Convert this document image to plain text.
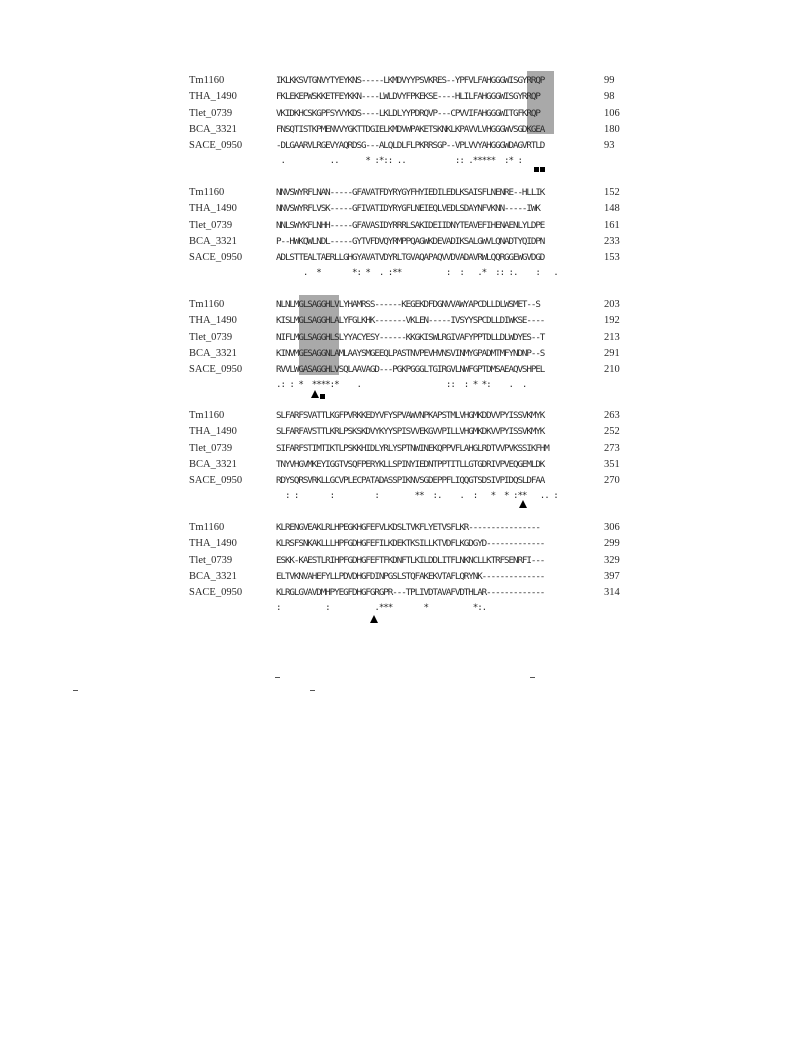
Tm1160	IKLKKSVTGNVYTYEYKNS-----LKMDVYYPSVKRES--YPFVLFAHGGGWISGYRRQP	99
THA_1490	FKLEKEPWSKKETFEYKKN----LWLDVYFPKEKSE----HLILFAHGGGWISGYRRQP	98
Tlet_0739	VKIDKHCSKGPFSYVYKDS----LKLDLYYPDRQVP---CPVVIFAHGGGWITGFKRQP	106
BCA_3321	FNSQTISTKPMENVVYGKTTDGIELKMDVWPAKETSKNKLKPAVVLVHGGGWVSGDKGEA	180
SACE_0950	-DLGAARVLRGEVYAQRDSG---ALQLDLFLPKRRSGP--VPLVVYAHGGGWDAGVRTLD	93
.          ..      * :*:: ..           :: .*****  :* :
Tm1160	NNVSWYRFLNAN-----GFAVATFDYRYGYFHYIEDILEDLKSAISFLNENRE--HLLIK	152
THA_1490	NNVSWYRFLVSK-----GFIVATIDYRYGFLNEIEQLVEDLSDAYNFVKNN-----IWK	148
Tlet_0739	NNLSWYKFLNHH-----GFAVASIDYRRRLSAKIDEIIDNYTEAVEFIHENAENLYLDPE	161
BCA_3321	P--HWKQWLNDL-----GYTVFDVQYRMPPQAGWKDEVADIKSALGWVLQNADTYQIDPN	233
SACE_0950	ADLSTTEALTAERLLGHGYAVATVDYRLTGVAQAPAQVVDVADAVRWLQQRGGEWGVDGD	153
.  *       *: *  . :**          :  :   .*  :: :.    :   .
Tm1160	NLNLMGLSAGGHLVLYHAMRSS------KEGEKDFDGNVVAWYAPCDLLDLWSMET--S	203
THA_1490	KISLMGLSAGGHLALYFGLKHK-------VKLEN-----IVSYYSPCDLLDIWKSE----	192
Tlet_0739	NIFLMGLSAGGHLSLYYACYESY------KKGKISWLRGIVAFYPPTDLLDLWDYES--T	213
BCA_3321	KINVMGESAGGNLAMLAAYSMGEEQLPASTNVPEVHVNSVINMYGPADMTMFYNDNP--S	291
SACE_0950	RVVLWGASAGGHLVSQLAAVAGD---PGKPGGGLTGIRGVLNWFGPTDMSAEAQVSHPEL	210
.: : *  ****:*    .                   ::  : * *:    .  .
Tm1160	SLFARFSVATTLKGFPVRKKEDYVFYSPVAWVNPKAPSTMLVHGMKDDVVPYISSVKMYK	263
THA_1490	SLFARFAVSTTLKRLPSKSKDVYKYYSPISVVEKGVVPILLVHGMKDKVVPYISSVKMYK	252
Tlet_0739	SIFARFSTIMTIKTLPSKKHIDLYRLYSPTNWINEKQPPVFLAHGLRDTVVPVKSSIKFHM	273
BCA_3321	TNYVHGVMKEYIGGTVSQFPERYKLLSPINYIEDNTPPTITLLGTGDRIVPVEQGEMLDK	351
SACE_0950	RDYSQRSVRKLLGCVPLECPATADASSPIKNVSGDEPPFLIQQGTSDSIVPIDQSLDFAA	270
: :       :         :        **  :.    .  :   *  * :**   .. :
Tm1160	KLRENGVEAKLRLHPEGKHGFEFVLKDSLTVKFLYETVSFLKR----------------	306
THA_1490	KLRSFSNKAKLLLHPFGDHGFEFILKDEKTKSILLKTVDFLKGDGYD-------------	299
Tlet_0739	ESKK-KAESTLRIHPFGDHGFEFTFKDNFTLKILDDLITFLNKNCLLKTRFSENRFI---	329
BCA_3321	ELTVKNVAHEFYLLPDVDHGFDINPGSLSTQFAKEKVTAFLQRYNK--------------	397
SACE_0950	KLRGLGVAVDMHPYEGFDHGFGRGPR---TPLIVDTAVAFVDTHLAR-------------	314
:          :          .***       *          *:.
